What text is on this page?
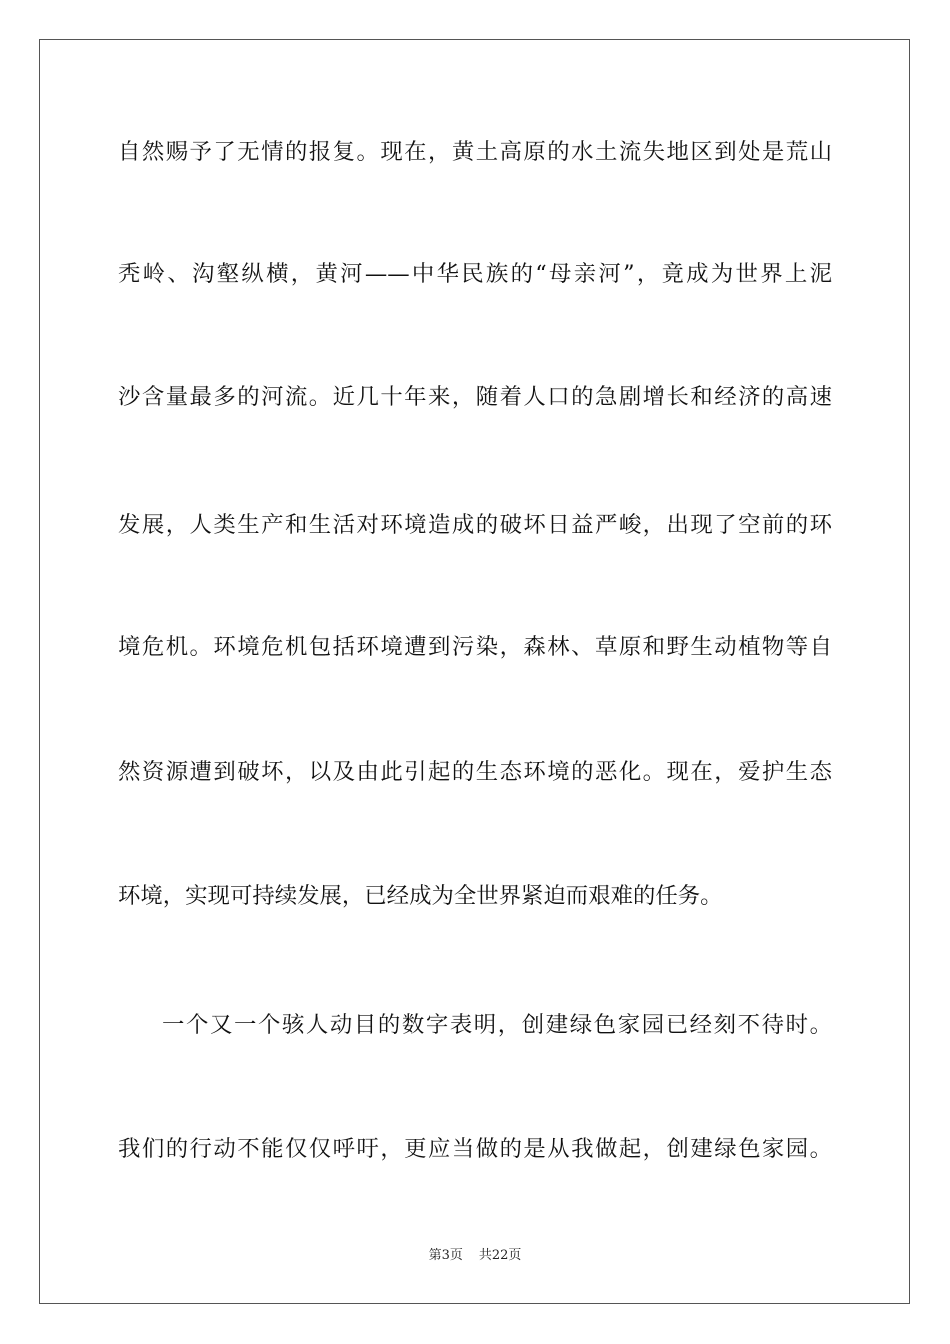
自然赐予了无情的报复。现在，黄土高原的水土流失地区到处是荒山
秃岭、沟壑纵横，黄河——中华民族的“母亲河”，竟成为世界上泥
沙含量最多的河流。近几十年来，随着人口的急剧增长和经济的高速
发展，人类生产和生活对环境造成的破坏日益严峻，出现了空前的环
境危机。环境危机包括环境遭到污染，森林、草原和野生动植物等自
然资源遭到破坏，以及由此引起的生态环境的恶化。现在，爱护生态
环境，实现可持续发展，已经成为全世界紧迫而艰难的任务。
一个又一个骇人动目的数字表明，创建绿色家园已经刻不待时。
我们的行动不能仅仅呼吁，更应当做的是从我做起，创建绿色家园。
第3页 共22页
